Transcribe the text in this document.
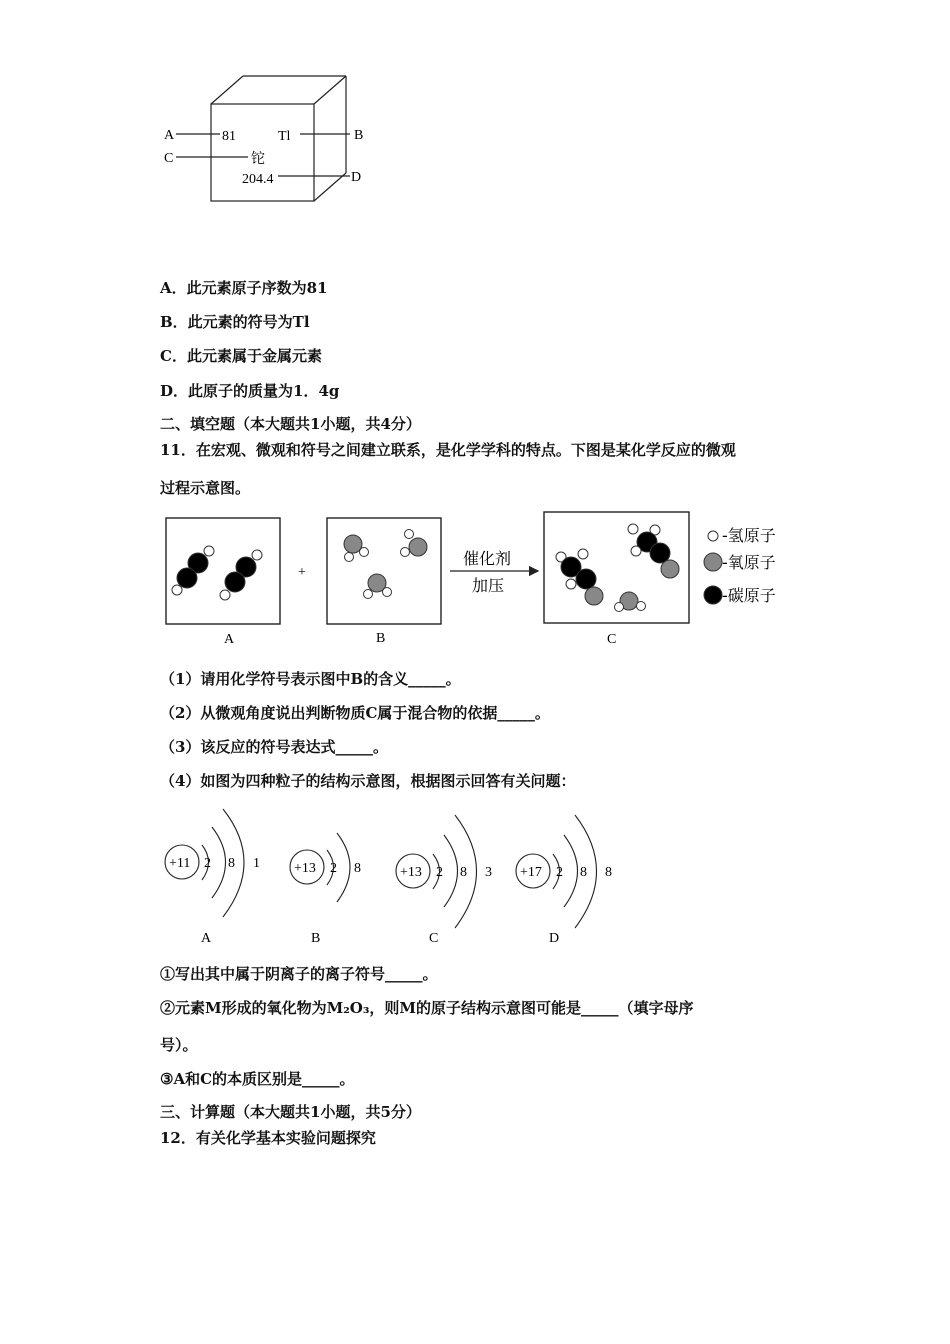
A
C
B
D
81	Tl
铊
204.4
A．此元素原子序数为81
B．此元素的符号为Tl
C．此元素属于金属元素
D．此原子的质量为1．4g
二、填空题（本大题共1小题，共4分）
11．在宏观、微观和符号之间建立联系，是化学学科的特点。下图是某化学反应的微观
过程示意图。
+
催化剂
加压
-氢原子
-氧原子
-碳原子
A	B	C
（1）请用化学符号表示图中B的含义_____。
（2）从微观角度说出判断物质C属于混合物的依据_____。
（3）该反应的符号表达式_____。
（4）如图为四种粒子的结构示意图，根据图示回答有关问题：
+11 2 8 1 +13 2 8	+13 2 8 3 +17 2 8 8
A	B	C	D
①写出其中属于阴离子的离子符号_____。
②元素M形成的氧化物为M₂O₃，则M的原子结构示意图可能是_____（填字母序
号）。
③A和C的本质区别是_____。
三、计算题（本大题共1小题，共5分）
12．有关化学基本实验问题探究
